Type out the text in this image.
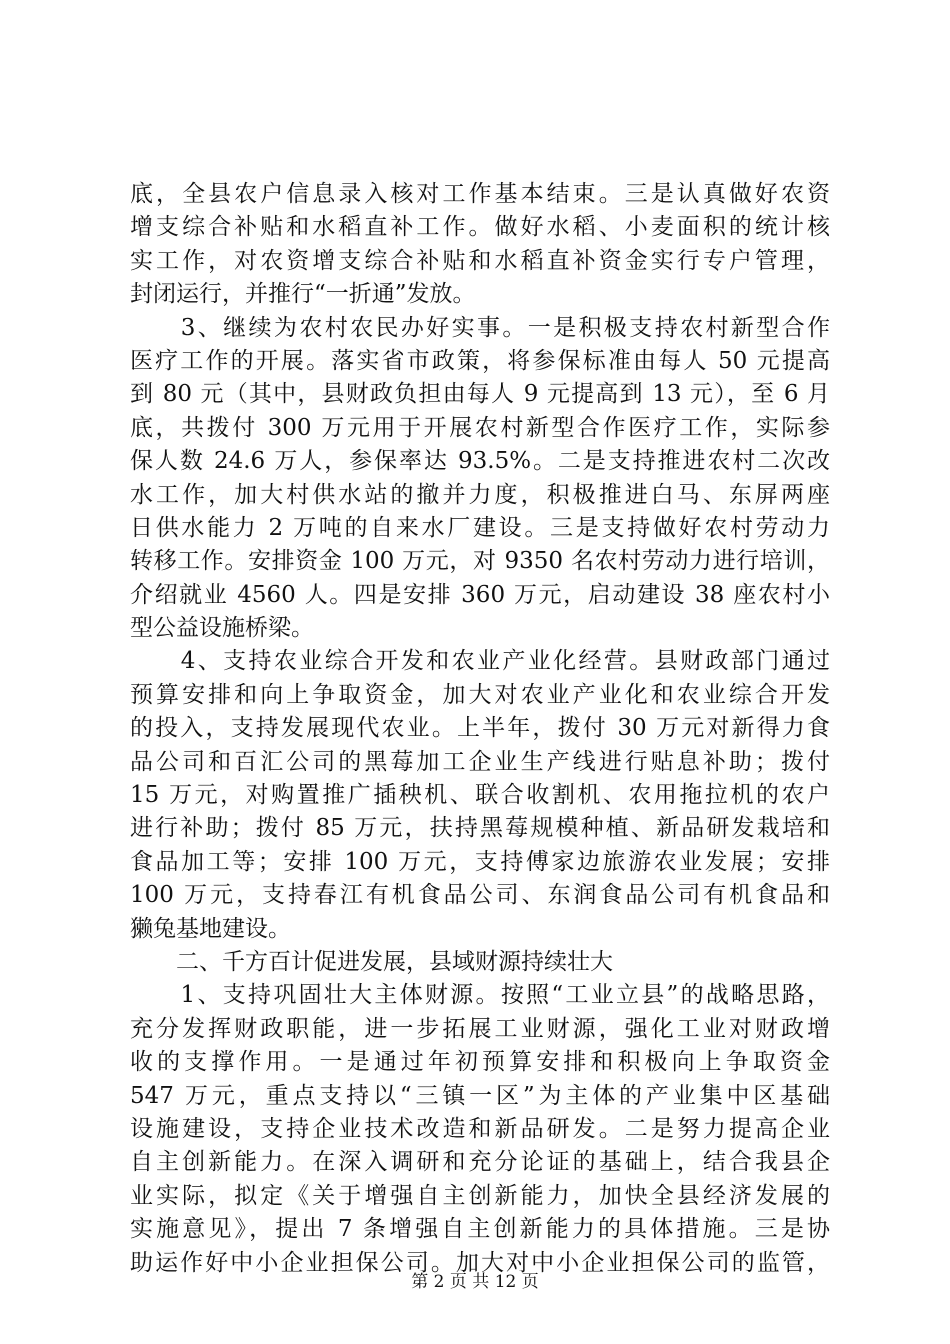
底，全县农户信息录入核对工作基本结束。三是认真做好农资
增支综合补贴和水稻直补工作。做好水稻、小麦面积的统计核
实工作，对农资增支综合补贴和水稻直补资金实行专户管理，
封闭运行，并推行“一折通”发放。
　　3、继续为农村农民办好实事。一是积极支持农村新型合作
医疗工作的开展。落实省市政策，将参保标准由每人 50 元提高
到 80 元（其中，县财政负担由每人 9 元提高到 13 元），至 6 月
底，共拨付 300 万元用于开展农村新型合作医疗工作，实际参
保人数 24.6 万人，参保率达 93.5%。二是支持推进农村二次改
水工作，加大村供水站的撤并力度，积极推进白马、东屏两座
日供水能力 2 万吨的自来水厂建设。三是支持做好农村劳动力
转移工作。安排资金 100 万元，对 9350 名农村劳动力进行培训，
介绍就业 4560 人。四是安排 360 万元，启动建设 38 座农村小
型公益设施桥梁。
　　4、支持农业综合开发和农业产业化经营。县财政部门通过
预算安排和向上争取资金，加大对农业产业化和农业综合开发
的投入，支持发展现代农业。上半年，拨付 30 万元对新得力食
品公司和百汇公司的黑莓加工企业生产线进行贴息补助；拨付
15 万元，对购置推广插秧机、联合收割机、农用拖拉机的农户
进行补助；拨付 85 万元，扶持黑莓规模种植、新品研发栽培和
食品加工等；安排 100 万元，支持傅家边旅游农业发展；安排
100 万元，支持春江有机食品公司、东润食品公司有机食品和
獭兔基地建设。
　　二、千方百计促进发展，县域财源持续壮大
　　1、支持巩固壮大主体财源。按照“工业立县”的战略思路，
充分发挥财政职能，进一步拓展工业财源，强化工业对财政增
收的支撑作用。一是通过年初预算安排和积极向上争取资金
547 万元，重点支持以“三镇一区”为主体的产业集中区基础
设施建设，支持企业技术改造和新品研发。二是努力提高企业
自主创新能力。在深入调研和充分论证的基础上，结合我县企
业实际，拟定《关于增强自主创新能力，加快全县经济发展的
实施意见》，提出 7 条增强自主创新能力的具体措施。三是协
助运作好中小企业担保公司。加大对中小企业担保公司的监管，
第 2 页 共 12 页
